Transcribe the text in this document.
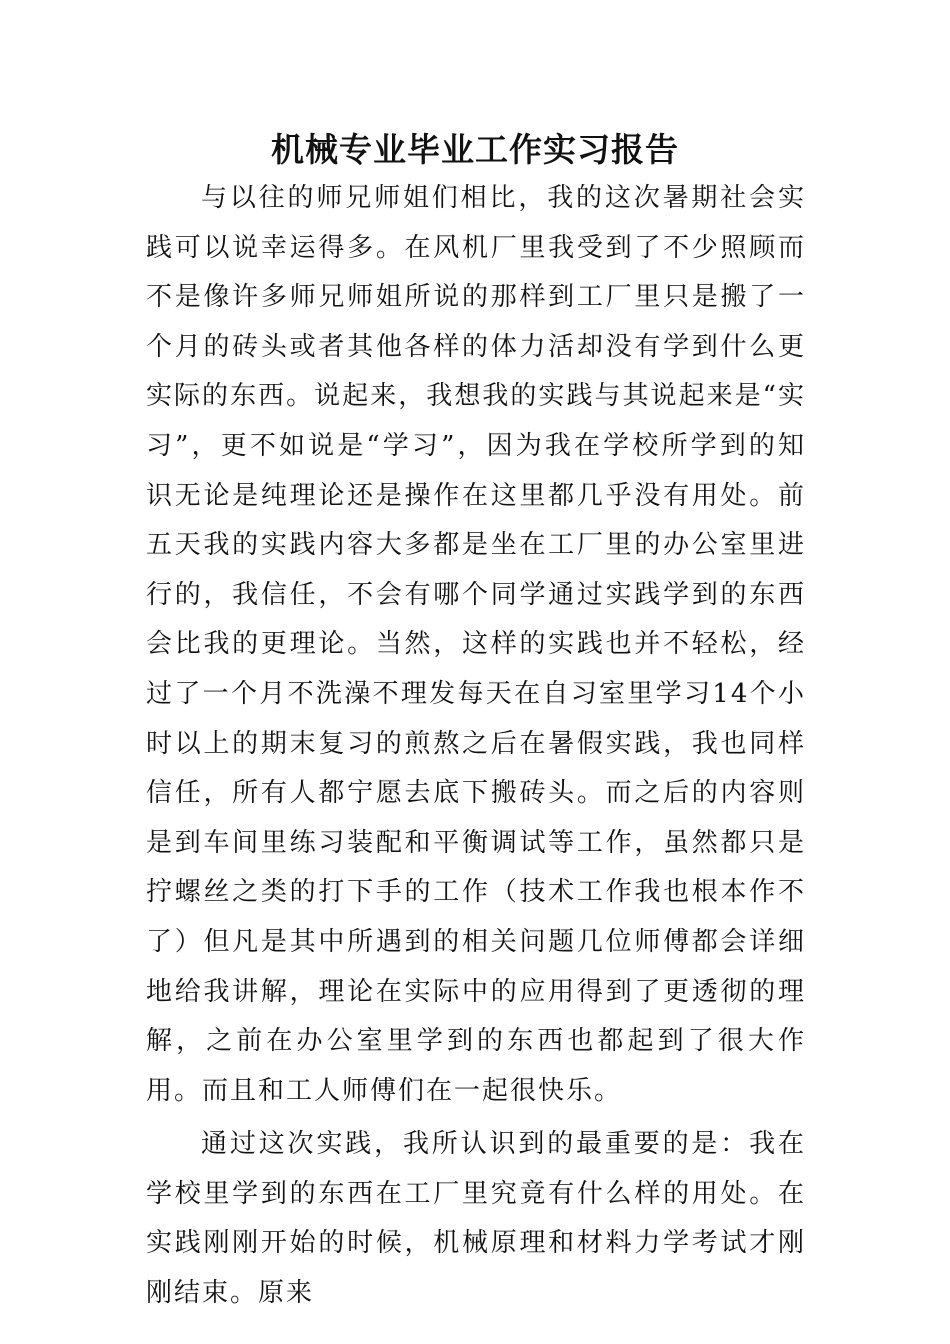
机械专业毕业工作实习报告

与以往的师兄师姐们相比，我的这次暑期社会实践可以说幸运得多。在风机厂里我受到了不少照顾而不是像许多师兄师姐所说的那样到工厂里只是搬了一个月的砖头或者其他各样的体力活却没有学到什么更实际的东西。说起来，我想我的实践与其说起来是“实习”，更不如说是“学习”，因为我在学校所学到的知识无论是纯理论还是操作在这里都几乎没有用处。前五天我的实践内容大多都是坐在工厂里的办公室里进行的，我信任，不会有哪个同学通过实践学到的东西会比我的更理论。当然，这样的实践也并不轻松，经过了一个月不洗澡不理发每天在自习室里学习14个小时以上的期末复习的煎熬之后在暑假实践，我也同样信任，所有人都宁愿去底下搬砖头。而之后的内容则是到车间里练习装配和平衡调试等工作，虽然都只是拧螺丝之类的打下手的工作（技术工作我也根本作不了）但凡是其中所遇到的相关问题几位师傅都会详细地给我讲解，理论在实际中的应用得到了更透彻的理解，之前在办公室里学到的东西也都起到了很大作用。而且和工人师傅们在一起很快乐。

通过这次实践，我所认识到的最重要的是：我在学校里学到的东西在工厂里究竟有什么样的用处。在实践刚刚开始的时候，机械原理和材料力学考试才刚刚结束。原来
